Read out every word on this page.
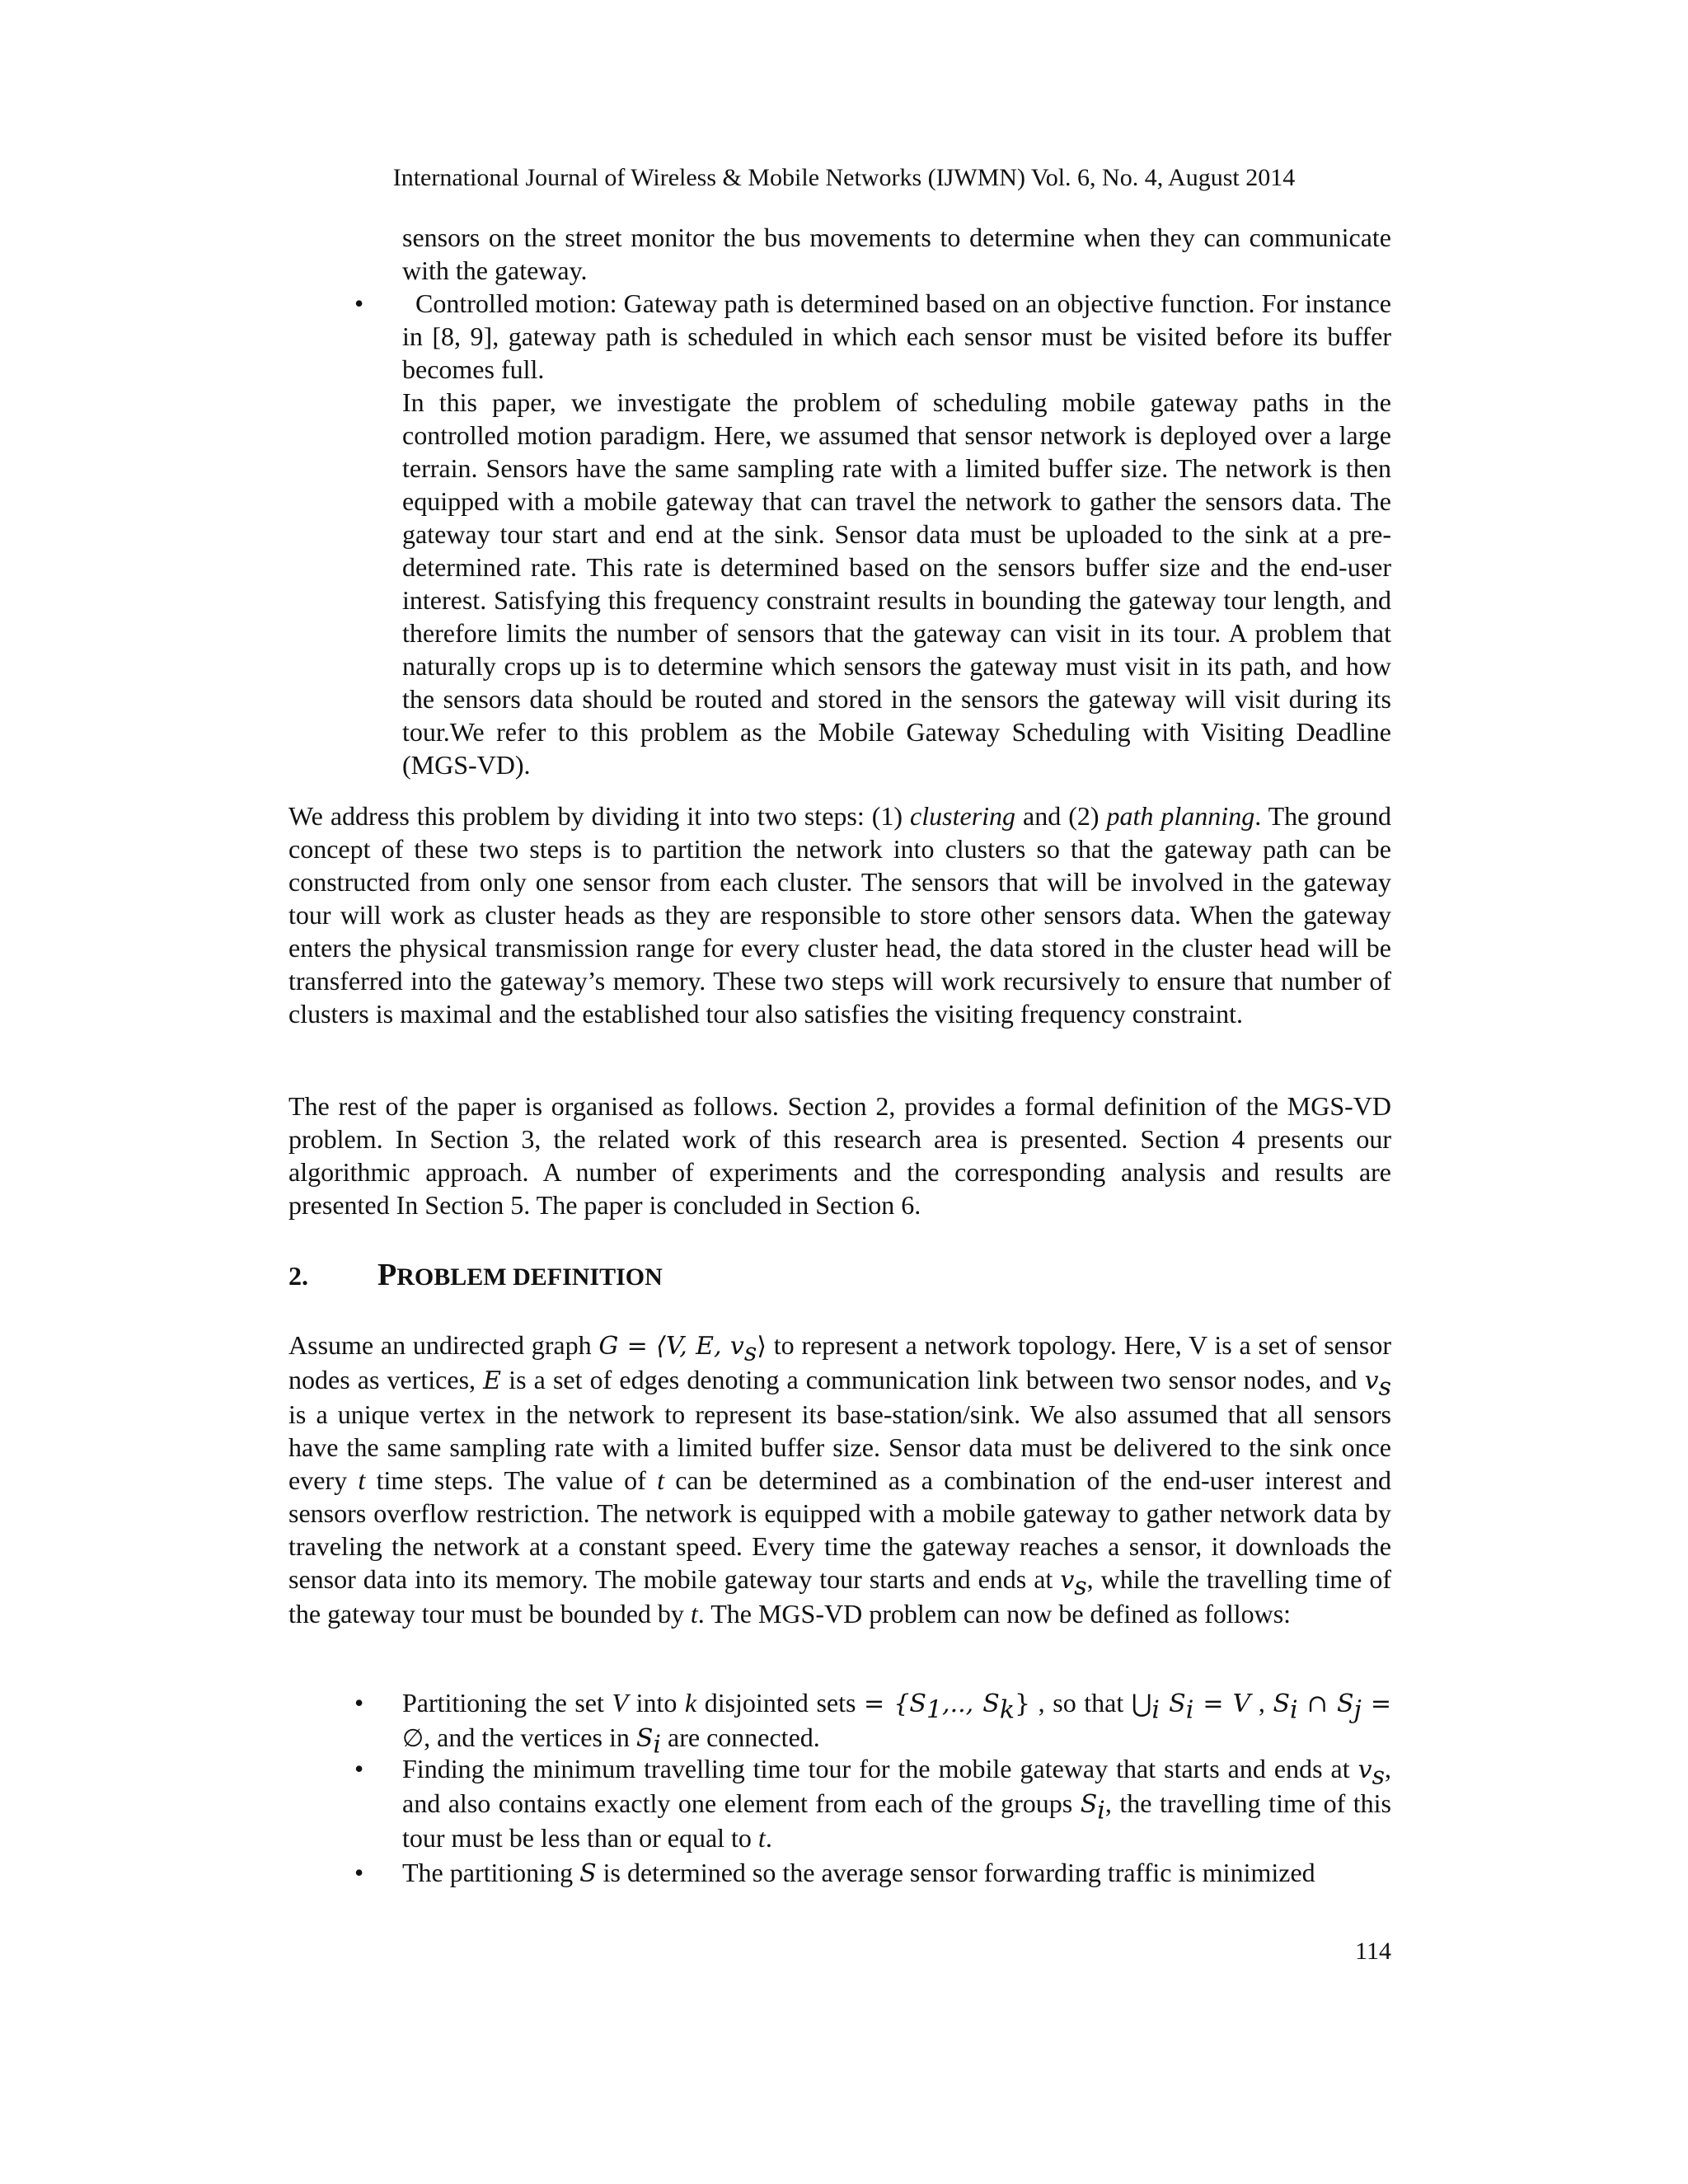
International Journal of Wireless & Mobile Networks (IJWMN) Vol. 6, No. 4, August 2014

sensors on the street monitor the bus movements to determine when they can communicate with the gateway.

•	Controlled motion: Gateway path is determined based on an objective function. For instance in [8, 9], gateway path is scheduled in which each sensor must be visited before its buffer becomes full.

In this paper, we investigate the problem of scheduling mobile gateway paths in the controlled motion paradigm. Here, we assumed that sensor network is deployed over a large terrain. Sensors have the same sampling rate with a limited buffer size. The network is then equipped with a mobile gateway that can travel the network to gather the sensors data. The gateway tour start and end at the sink. Sensor data must be uploaded to the sink at a pre-determined rate. This rate is determined based on the sensors buffer size and the end-user interest. Satisfying this frequency constraint results in bounding the gateway tour length, and therefore limits the number of sensors that the gateway can visit in its tour. A problem that naturally crops up is to determine which sensors the gateway must visit in its path, and how the sensors data should be routed and stored in the sensors the gateway will visit during its tour.We refer to this problem as the Mobile Gateway Scheduling with Visiting Deadline (MGS-VD).

We address this problem by dividing it into two steps: (1) clustering and (2) path planning. The ground concept of these two steps is to partition the network into clusters so that the gateway path can be constructed from only one sensor from each cluster. The sensors that will be involved in the gateway tour will work as cluster heads as they are responsible to store other sensors data. When the gateway enters the physical transmission range for every cluster head, the data stored in the cluster head will be transferred into the gateway’s memory. These two steps will work recursively to ensure that number of clusters is maximal and the established tour also satisfies the visiting frequency constraint.

The rest of the paper is organised as follows. Section 2, provides a formal definition of the MGS-VD problem. In Section 3, the related work of this research area is presented. Section 4 presents our algorithmic approach. A number of experiments and the corresponding analysis and results are presented In Section 5. The paper is concluded in Section 6.

2. PROBLEM DEFINITION

Assume an undirected graph G = ⟨V, E, $v_s⟩$ to represent a network topology. Here, V is a set of sensor nodes as vertices, E is a set of edges denoting a communication link between two sensor nodes, and $v_s$ is a unique vertex in the network to represent its base-station/sink. We also assumed that all sensors have the same sampling rate with a limited buffer size. Sensor data must be delivered to the sink once every t time steps. The value of t can be determined as a combination of the end-user interest and sensors overflow restriction. The network is equipped with a mobile gateway to gather network data by traveling the network at a constant speed. Every time the gateway reaches a sensor, it downloads the sensor data into its memory. The mobile gateway tour starts and ends at $v_s$, while the travelling time of the gateway tour must be bounded by t. The MGS-VD problem can now be defined as follows:

• Partitioning the set V into k disjointed sets = {$S_1$,.., $S_k$} , so that $⋃_i$ $S_i = V$ , $S_i$ ∩ $S_j$ = ∅, and the vertices in $S_i$ are connected.

• Finding the minimum travelling time tour for the mobile gateway that starts and ends at $v_s$, and also contains exactly one element from each of the groups $S_i$, the travelling time of this tour must be less than or equal to t.

• The partitioning S is determined so the average sensor forwarding traffic is minimized

114
